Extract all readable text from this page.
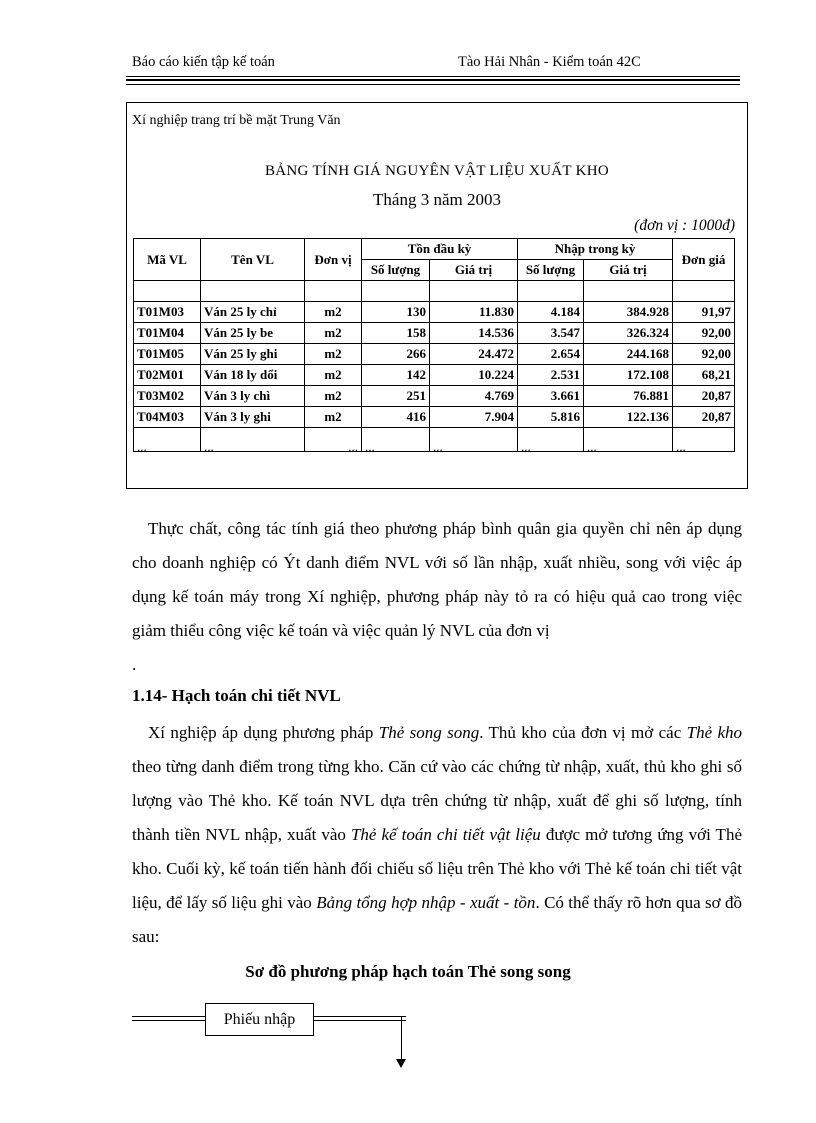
Báo cáo kiến tập kế toán	Tào Hải Nhân - Kiểm toán 42C
Xí nghiệp trang trí bề mặt Trung Văn
BẢNG TÍNH GIÁ NGUYÊN VẬT LIỆU XUẤT KHO
Tháng 3 năm 2003
(đơn vị : 1000đ)
Mã VL	Tên VL	Đơn vị	Tồn đầu kỳ		Nhập trong kỳ		Đơn giá
			Số lượng	Giá trị	Số lượng	Giá trị	

T01M03	Ván 25 ly chỉ	m2	130	11.830	4.184	384.928	91,97
T01M04	Ván 25 ly be	m2	158	14.536	3.547	326.324	92,00
T01M05	Ván 25 ly ghi	m2	266	24.472	2.654	244.168	92,00
T02M01	Ván 18 ly dổi	m2	142	10.224	2.531	172.108	68,21
T03M02	Ván 3 ly chì	m2	251	4.769	3.661	76.881	20,87
T04M03	Ván 3 ly ghi	m2	416	7.904	5.816	122.136	20,87
...	...	...	...	...	...	...	...
Thực chất, công tác tính giá theo phương pháp bình quân gia quyền chỉ nên áp dụng cho doanh nghiệp có Ýt danh điểm NVL với số lần nhập, xuất nhiều, song với việc áp dụng kế toán máy trong Xí nghiệp, phương pháp này tỏ ra có hiệu quả cao trong việc giảm thiểu công việc kế toán và việc quản lý NVL của đơn vị
.
1.14- Hạch toán chi tiết NVL
Xí nghiệp áp dụng phương pháp Thẻ song song. Thủ kho của đơn vị mở các Thẻ kho theo từng danh điểm trong từng kho. Căn cứ vào các chứng từ nhập, xuất, thủ kho ghi số lượng vào Thẻ kho. Kế toán NVL dựa trên chứng từ nhập, xuất để ghi số lượng, tính thành tiền NVL nhập, xuất vào Thẻ kế toán chi tiết vật liệu được mở tương ứng với Thẻ kho. Cuối kỳ, kế toán tiến hành đối chiếu số liệu trên Thẻ kho với Thẻ kế toán chi tiết vật liệu, để lấy số liệu ghi vào Bảng tổng hợp nhập - xuất - tồn. Có thể thấy rõ hơn qua sơ đồ sau:
Sơ đồ phương pháp hạch toán Thẻ song song
Phiếu nhập
